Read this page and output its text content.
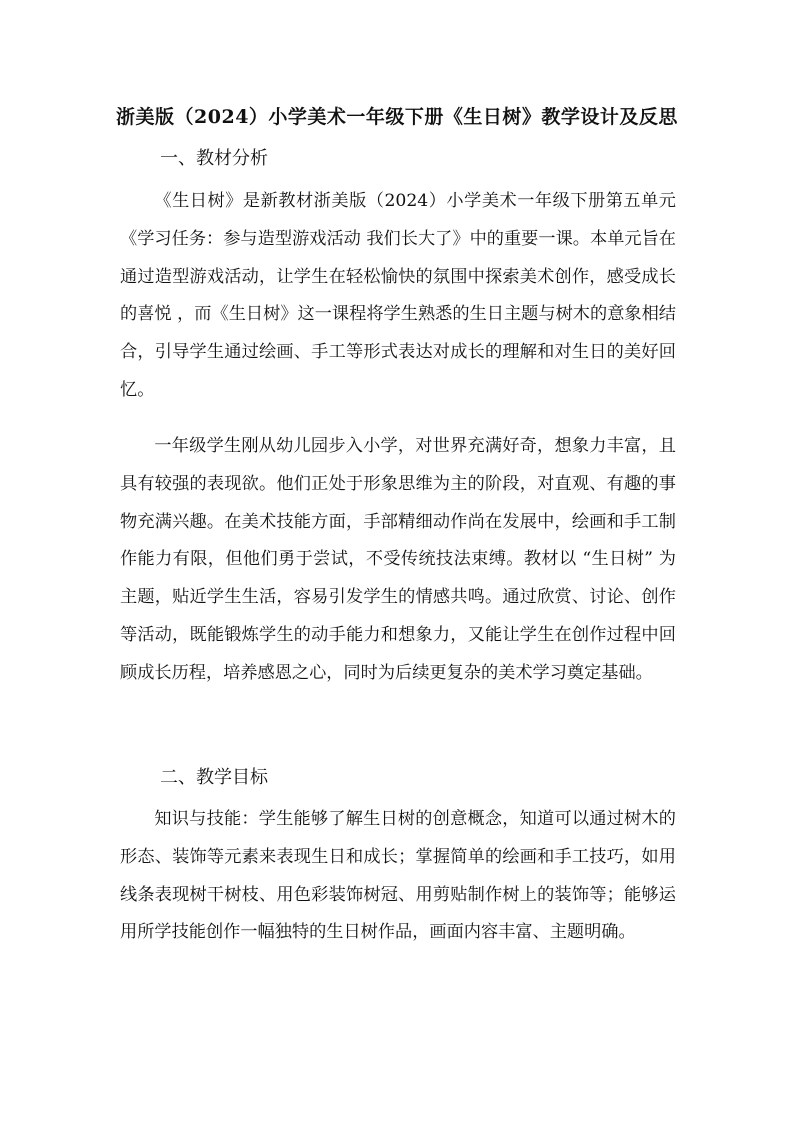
浙美版（2024）小学美术一年级下册《生日树》教学设计及反思
一、教材分析

《生日树》是新教材浙美版（2024）小学美术一年级下册第五单元《学习任务：参与造型游戏活动 我们长大了》中的重要一课。本单元旨在通过造型游戏活动，让学生在轻松愉快的氛围中探索美术创作，感受成长的喜悦 ，而《生日树》这一课程将学生熟悉的生日主题与树木的意象相结合，引导学生通过绘画、手工等形式表达对成长的理解和对生日的美好回忆。

一年级学生刚从幼儿园步入小学，对世界充满好奇，想象力丰富，且具有较强的表现欲。他们正处于形象思维为主的阶段，对直观、有趣的事物充满兴趣。在美术技能方面，手部精细动作尚在发展中，绘画和手工制作能力有限，但他们勇于尝试，不受传统技法束缚。教材以 “生日树” 为主题，贴近学生生活，容易引发学生的情感共鸣。通过欣赏、讨论、创作等活动，既能锻炼学生的动手能力和想象力，又能让学生在创作过程中回顾成长历程，培养感恩之心，同时为后续更复杂的美术学习奠定基础。

二、教学目标

知识与技能：学生能够了解生日树的创意概念，知道可以通过树木的形态、装饰等元素来表现生日和成长；掌握简单的绘画和手工技巧，如用线条表现树干树枝、用色彩装饰树冠、用剪贴制作树上的装饰等；能够运用所学技能创作一幅独特的生日树作品，画面内容丰富、主题明确。
